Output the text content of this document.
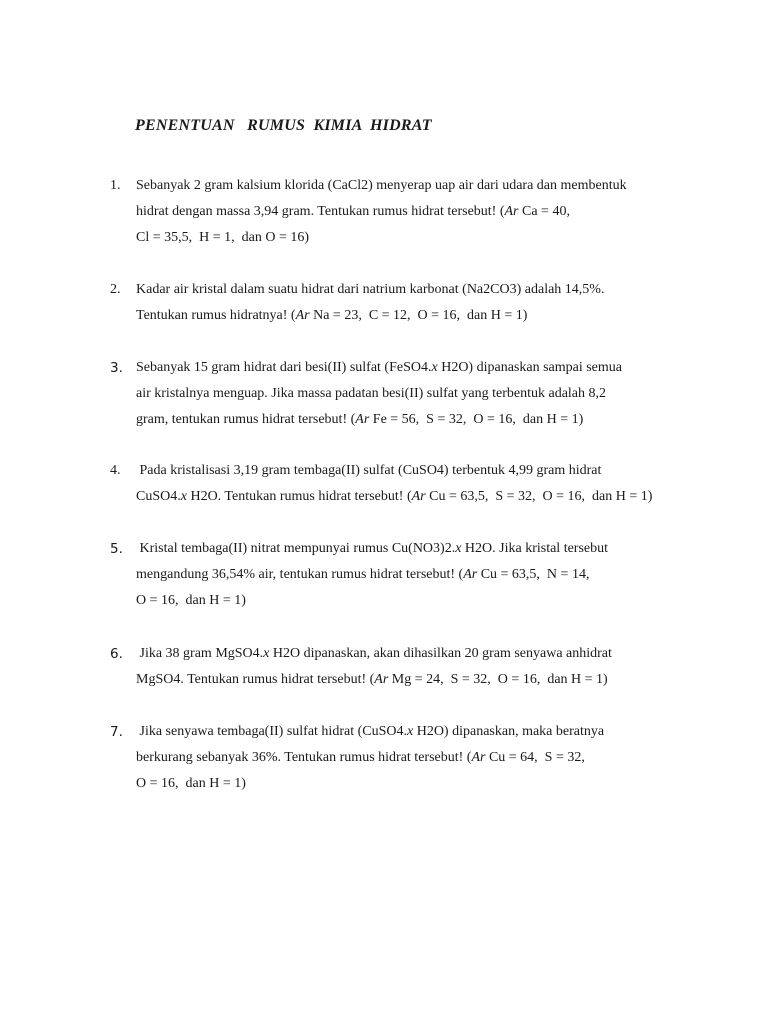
PENENTUAN   RUMUS  KIMIA  HIDRAT
1. Sebanyak 2 gram kalsium klorida (CaCl2) menyerap uap air dari udara dan membentuk
hidrat dengan massa 3,94 gram. Tentukan rumus hidrat tersebut! (Ar Ca = 40,
Cl = 35,5,  H = 1,  dan O = 16)
2. Kadar air kristal dalam suatu hidrat dari natrium karbonat (Na2CO3) adalah 14,5%.
Tentukan rumus hidratnya! (Ar Na = 23,  C = 12,  O = 16,  dan H = 1)
3. Sebanyak 15 gram hidrat dari besi(II) sulfat (FeSO4.x H2O) dipanaskan sampai semua
air kristalnya menguap. Jika massa padatan besi(II) sulfat yang terbentuk adalah 8,2
gram, tentukan rumus hidrat tersebut! (Ar Fe = 56,  S = 32,  O = 16,  dan H = 1)
4. Pada kristalisasi 3,19 gram tembaga(II) sulfat (CuSO4) terbentuk 4,99 gram hidrat
CuSO4.x H2O. Tentukan rumus hidrat tersebut! (Ar Cu = 63,5,  S = 32,  O = 16,  dan H = 1)
5. Kristal tembaga(II) nitrat mempunyai rumus Cu(NO3)2.x H2O. Jika kristal tersebut
mengandung 36,54% air, tentukan rumus hidrat tersebut! (Ar Cu = 63,5,  N = 14,
O = 16,  dan H = 1)
6. Jika 38 gram MgSO4.x H2O dipanaskan, akan dihasilkan 20 gram senyawa anhidrat
MgSO4. Tentukan rumus hidrat tersebut! (Ar Mg = 24,  S = 32,  O = 16,  dan H = 1)
7. Jika senyawa tembaga(II) sulfat hidrat (CuSO4.x H2O) dipanaskan, maka beratnya
berkurang sebanyak 36%. Tentukan rumus hidrat tersebut! (Ar Cu = 64,  S = 32,
O = 16,  dan H = 1)
